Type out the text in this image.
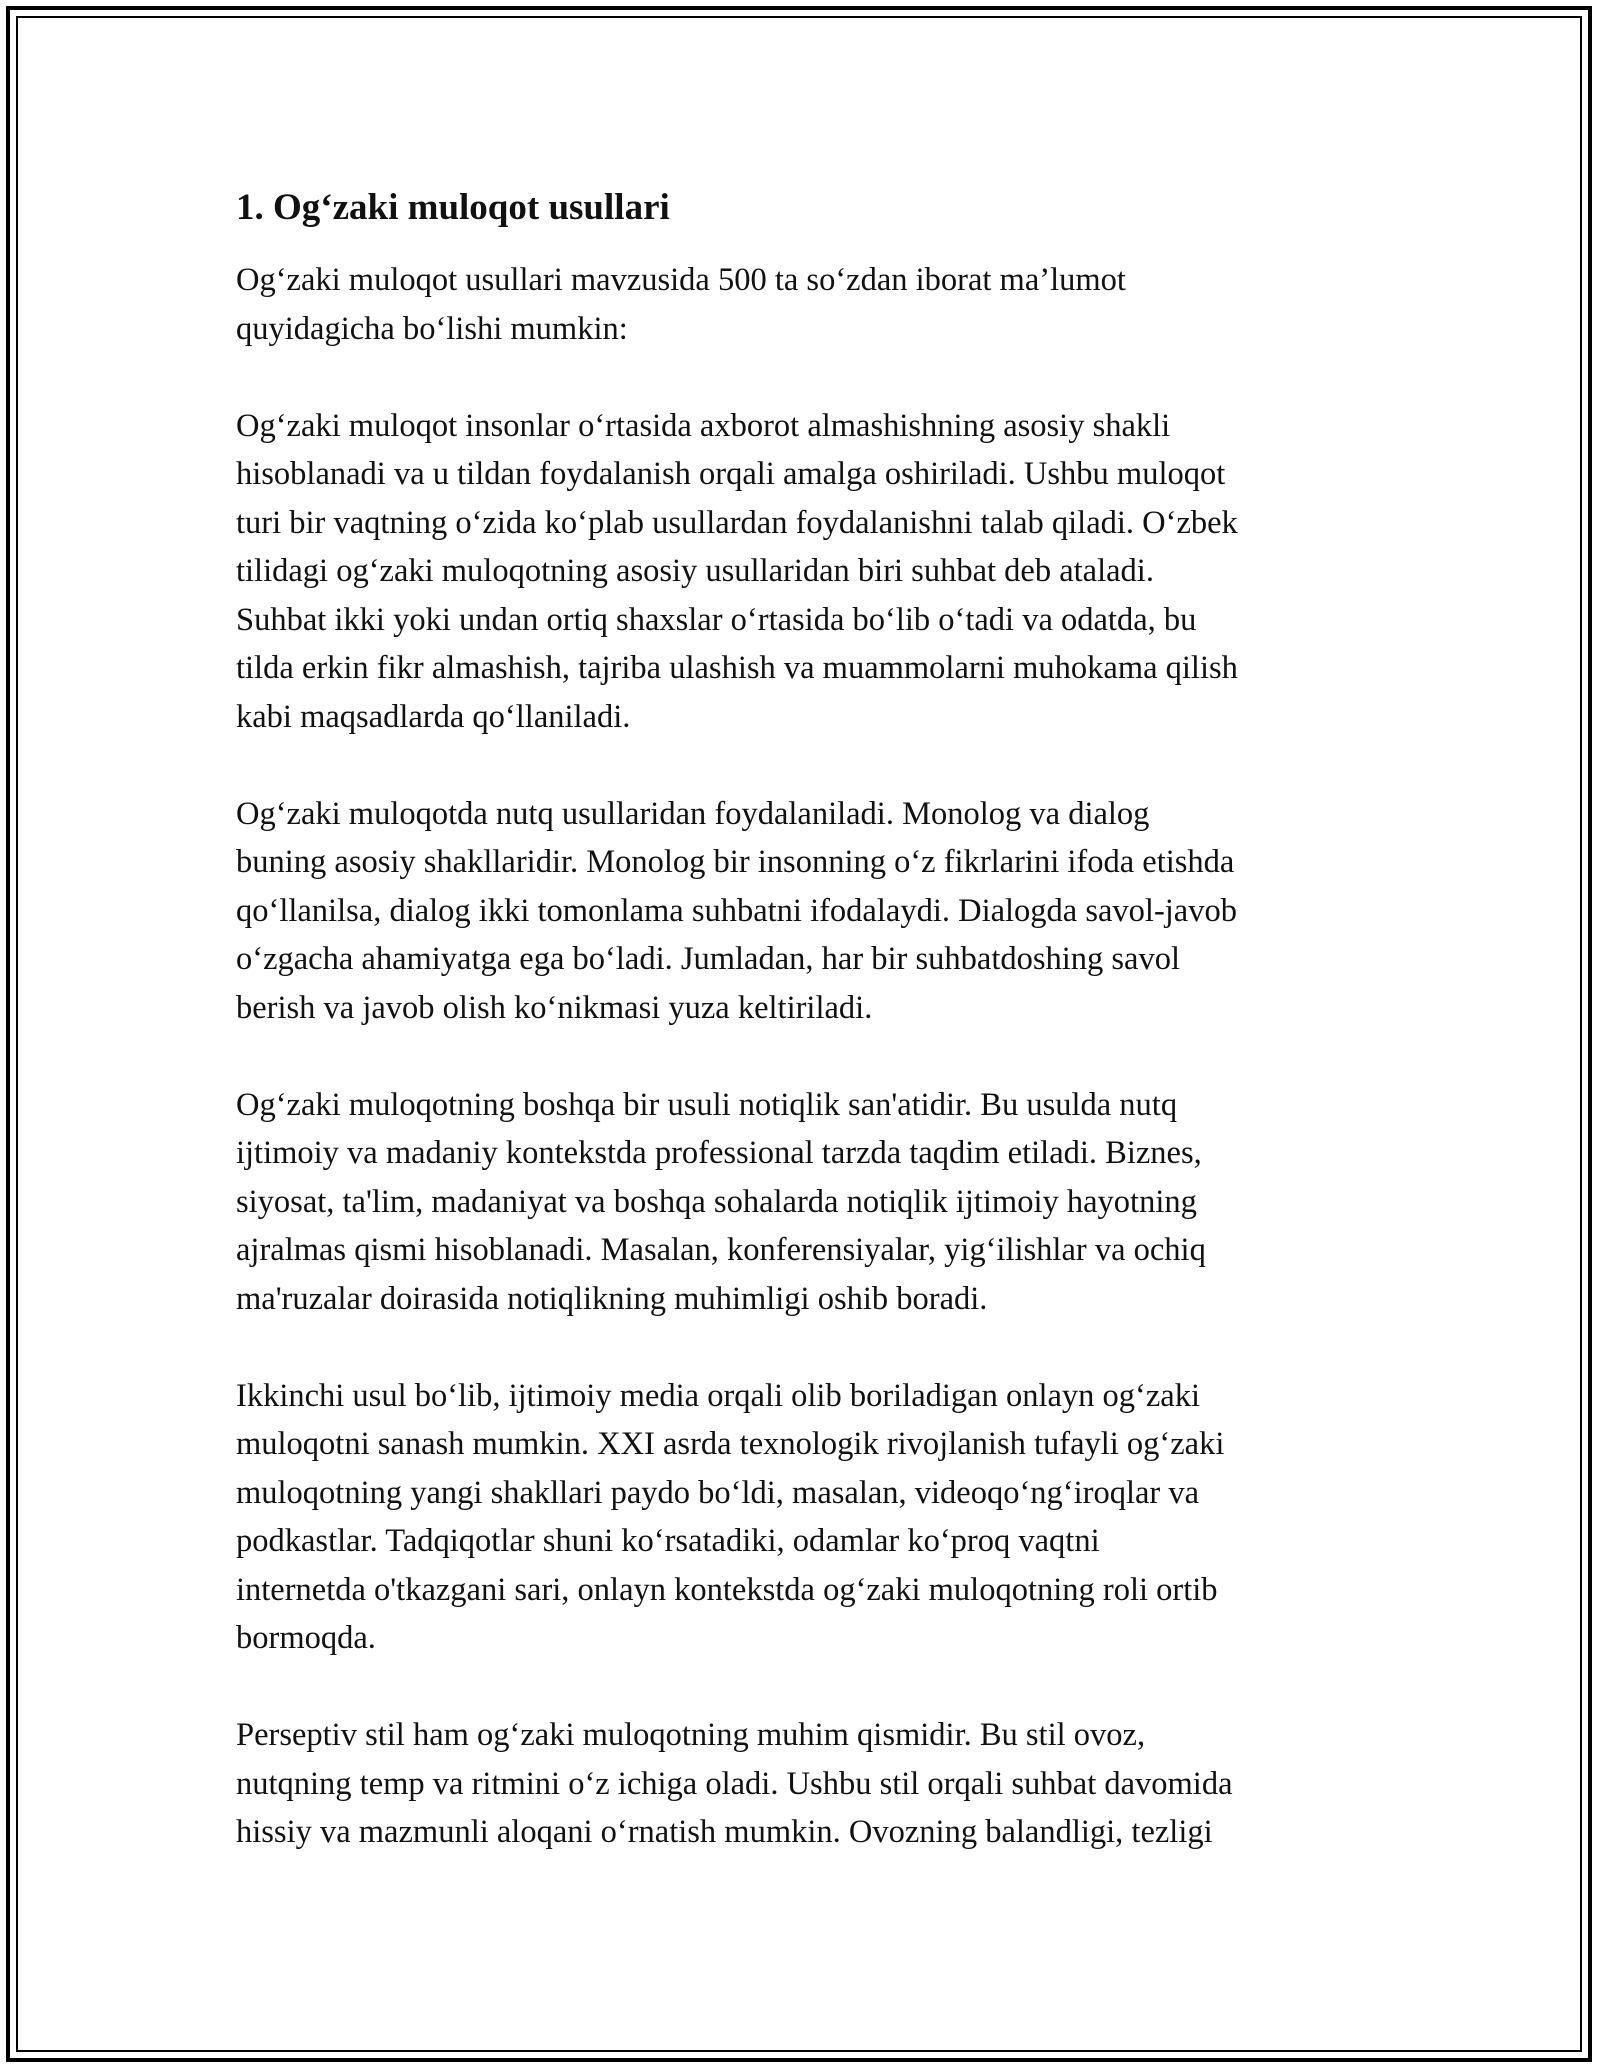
1. Og‘zaki muloqot usullari
Og‘zaki muloqot usullari mavzusida 500 ta so‘zdan iborat ma’lumot
quyidagicha bo‘lishi mumkin:
Og‘zaki muloqot insonlar o‘rtasida axborot almashishning asosiy shakli
hisoblanadi va u tildan foydalanish orqali amalga oshiriladi. Ushbu muloqot
turi bir vaqtning o‘zida ko‘plab usullardan foydalanishni talab qiladi. O‘zbek
tilidagi og‘zaki muloqotning asosiy usullaridan biri suhbat deb ataladi.
Suhbat ikki yoki undan ortiq shaxslar o‘rtasida bo‘lib o‘tadi va odatda, bu
tilda erkin fikr almashish, tajriba ulashish va muammolarni muhokama qilish
kabi maqsadlarda qo‘llaniladi.
Og‘zaki muloqotda nutq usullaridan foydalaniladi. Monolog va dialog
buning asosiy shakllaridir. Monolog bir insonning o‘z fikrlarini ifoda etishda
qo‘llanilsa, dialog ikki tomonlama suhbatni ifodalaydi. Dialogda savol-javob
o‘zgacha ahamiyatga ega bo‘ladi. Jumladan, har bir suhbatdoshing savol
berish va javob olish ko‘nikmasi yuza keltiriladi.
Og‘zaki muloqotning boshqa bir usuli notiqlik san'atidir. Bu usulda nutq
ijtimoiy va madaniy kontekstda professional tarzda taqdim etiladi. Biznes,
siyosat, ta'lim, madaniyat va boshqa sohalarda notiqlik ijtimoiy hayotning
ajralmas qismi hisoblanadi. Masalan, konferensiyalar, yig‘ilishlar va ochiq
ma'ruzalar doirasida notiqlikning muhimligi oshib boradi.
Ikkinchi usul bo‘lib, ijtimoiy media orqali olib boriladigan onlayn og‘zaki
muloqotni sanash mumkin. XXI asrda texnologik rivojlanish tufayli og‘zaki
muloqotning yangi shakllari paydo bo‘ldi, masalan, videoqo‘ng‘iroqlar va
podkastlar. Tadqiqotlar shuni ko‘rsatadiki, odamlar ko‘proq vaqtni
internetda o'tkazgani sari, onlayn kontekstda og‘zaki muloqotning roli ortib
bormoqda.
Perseptiv stil ham og‘zaki muloqotning muhim qismidir. Bu stil ovoz,
nutqning temp va ritmini o‘z ichiga oladi. Ushbu stil orqali suhbat davomida
hissiy va mazmunli aloqani o‘rnatish mumkin. Ovozning balandligi, tezligi
